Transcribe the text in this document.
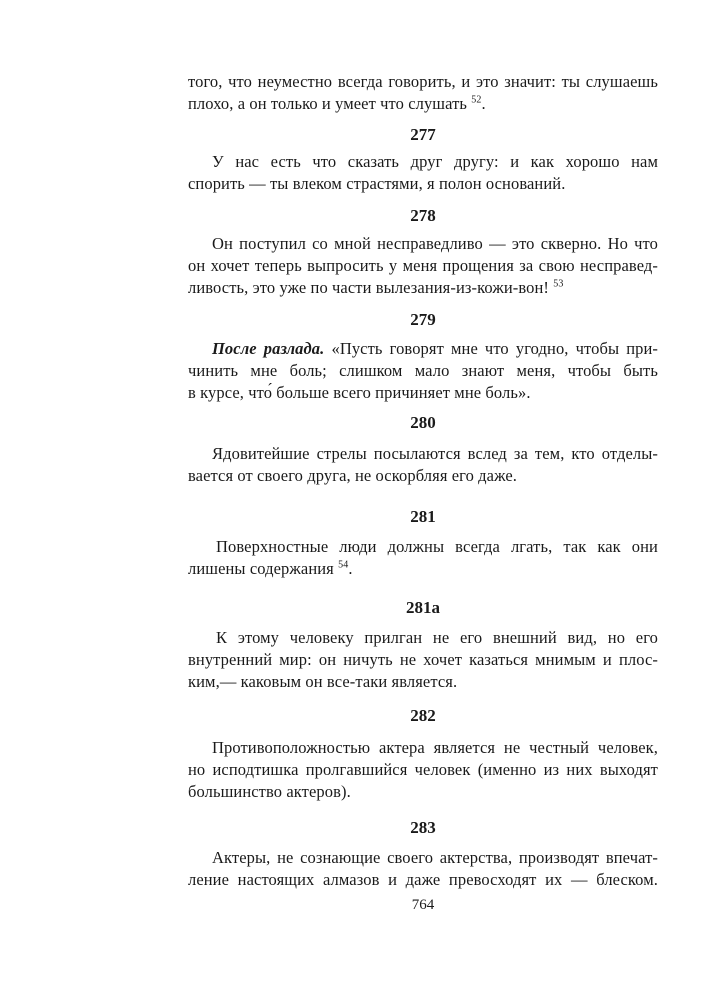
того, что неуместно всегда говорить, и это значит: ты слушаешь
плохо, а он только и умеет что слушать $^{52}$.
277
У нас есть что сказать друг другу: и как хорошо нам
спорить — ты влеком страстями, я полон оснований.
278
Он поступил со мной несправедливо — это скверно. Но что
он хочет теперь выпросить у меня прощения за свою несправед-
ливость, это уже по части вылезания-из-кожи-вон! $^{53}$
279
После разлада. «Пусть говорят мне что угодно, чтобы при-
чинить мне боль; слишком мало знают меня, чтобы быть
в курсе, что́ больше всего причиняет мне боль».
280
Ядовитейшие стрелы посылаются вслед за тем, кто отделы-
вается от своего друга, не оскорбляя его даже.
281
Поверхностные люди должны всегда лгать, так как они
лишены содержания $^{54}$.
281а
К этому человеку прилган не его внешний вид, но его
внутренний мир: он ничуть не хочет казаться мнимым и плос-
ким,— каковым он все-таки является.
282
Противоположностью актера является не честный человек,
но исподтишка пролгавшийся человек (именно из них выходят
большинство актеров).
283
Актеры, не сознающие своего актерства, производят впечат-
ление настоящих алмазов и даже превосходят их — блеском.
764
